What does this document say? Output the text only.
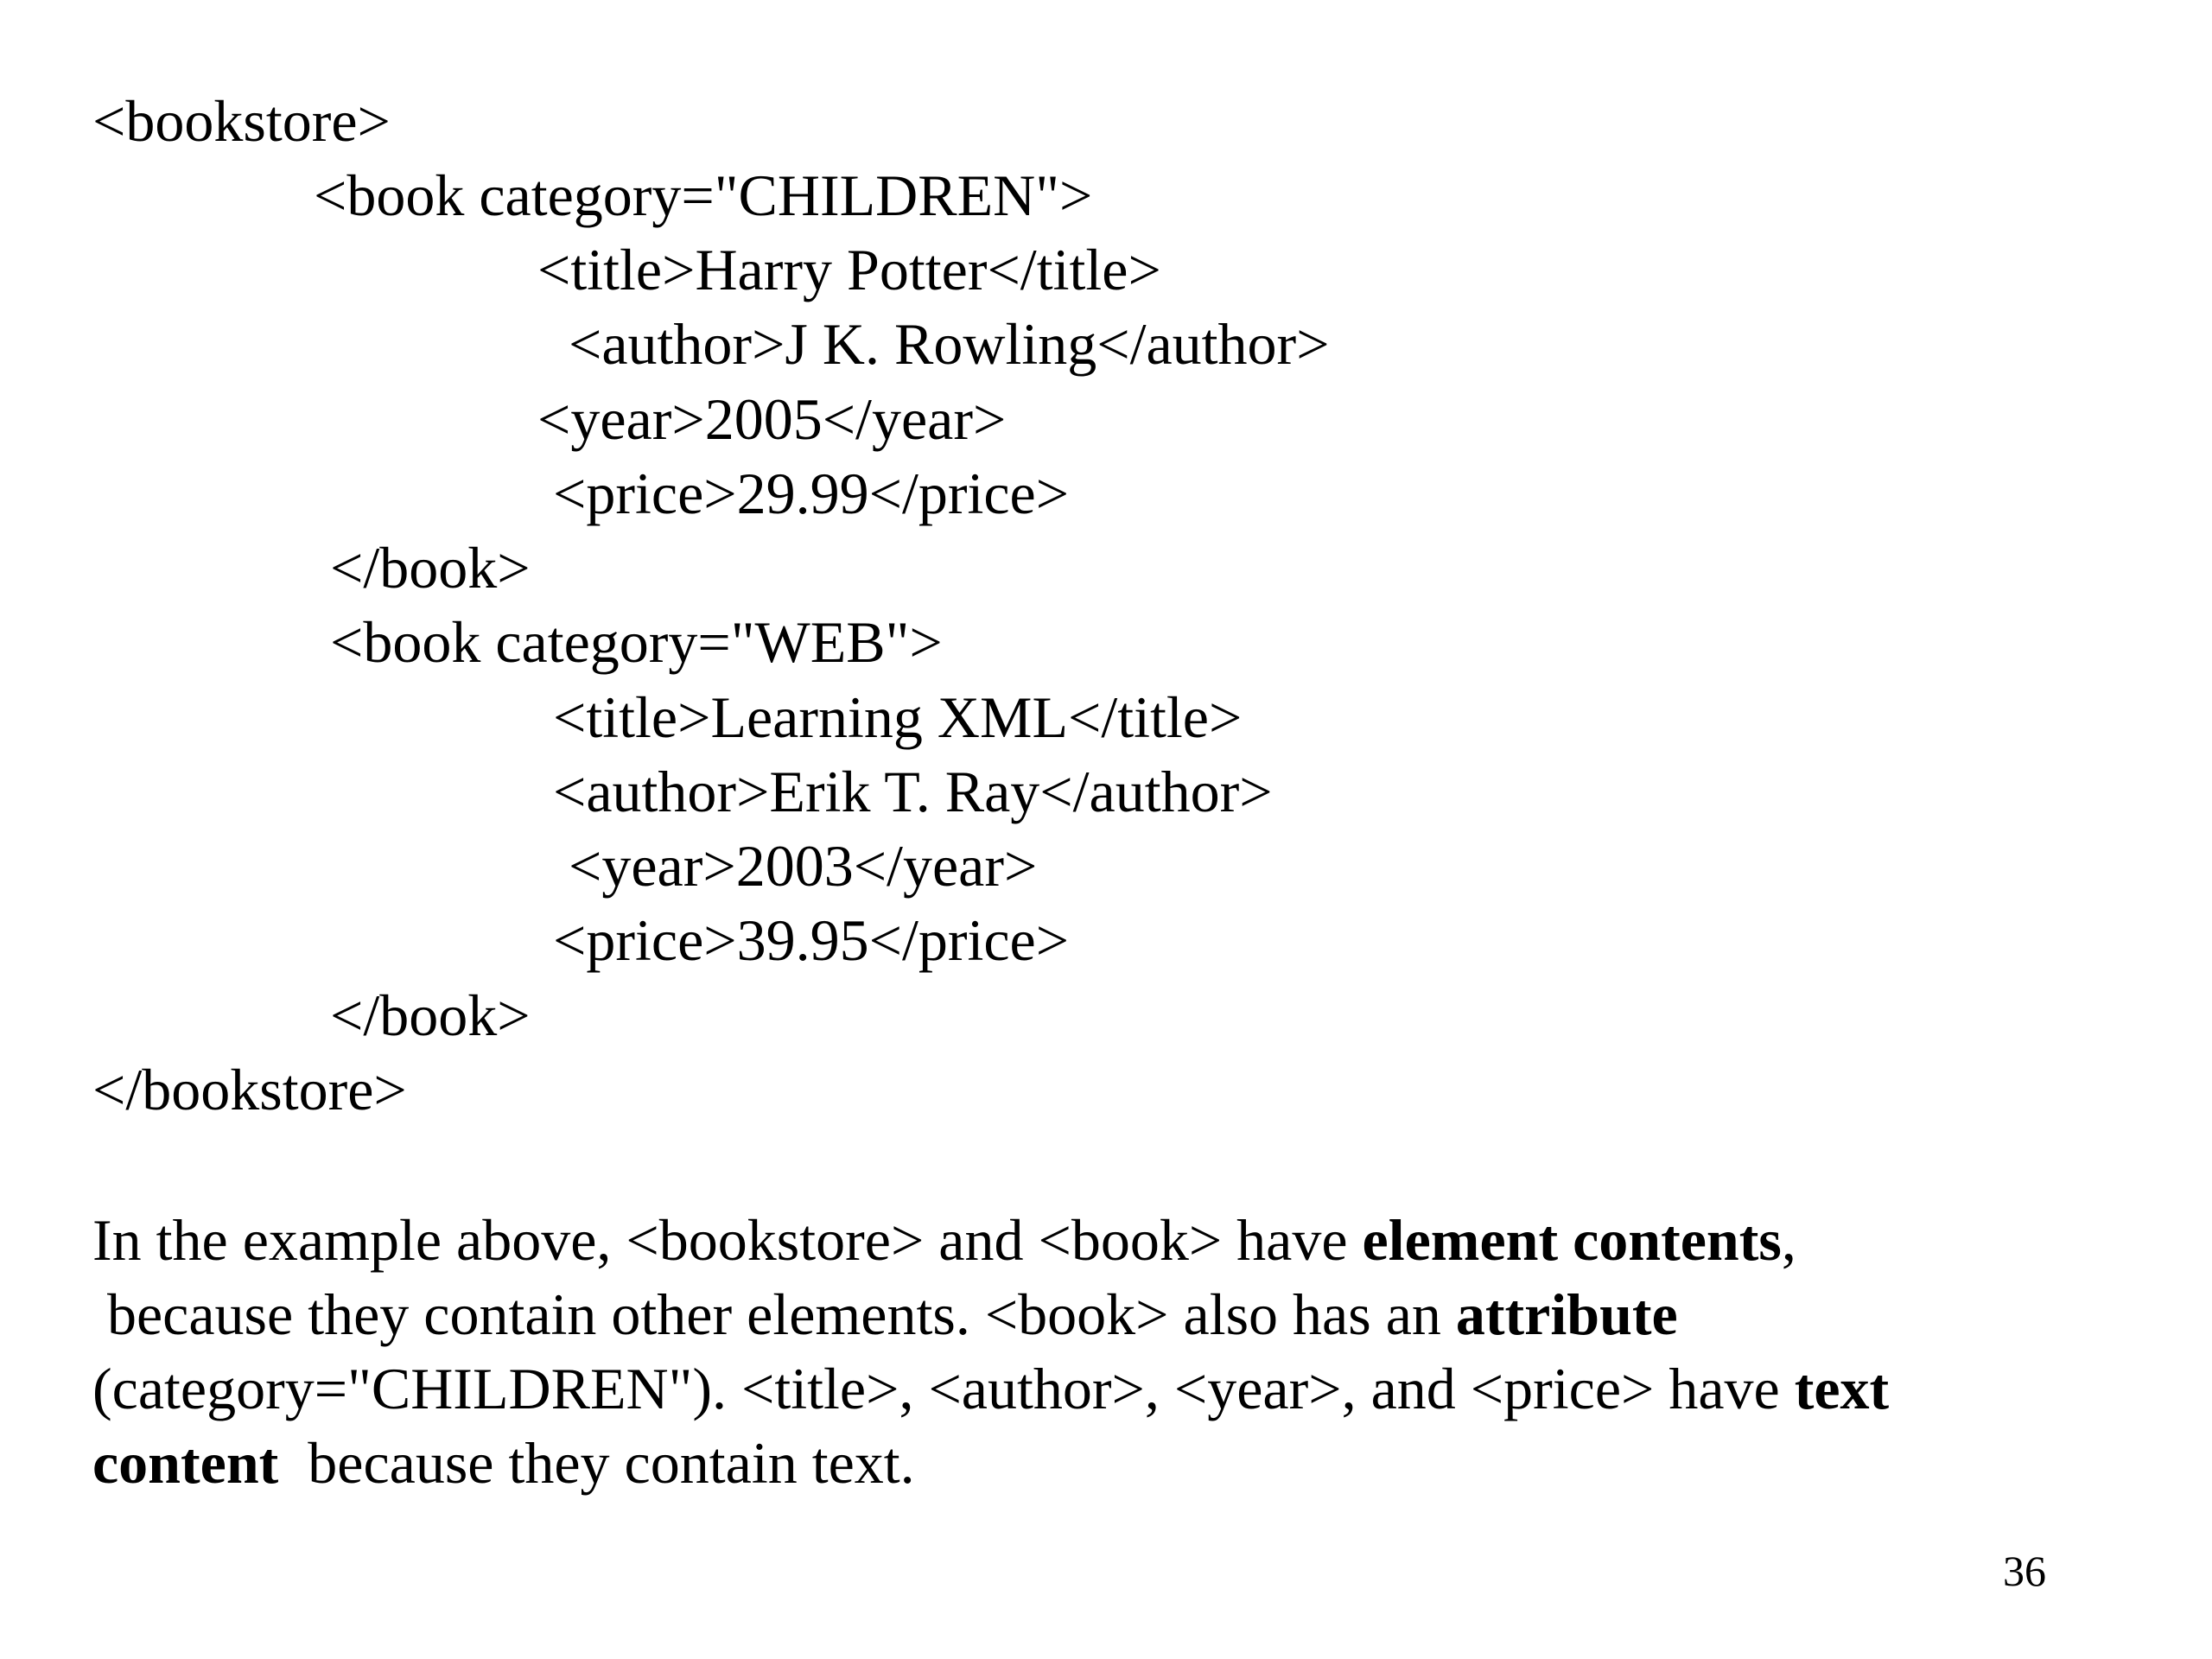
<bookstore>
<book category="CHILDREN">
<title>Harry Potter</title>
<author>J K. Rowling</author>
<year>2005</year>
<price>29.99</price>
</book>
<book category="WEB">
<title>Learning XML</title>
<author>Erik T. Ray</author>
<year>2003</year>
<price>39.95</price>
</book>
</bookstore>
In the example above, <bookstore> and <book> have element contents,
because they contain other elements. <book> also has an attribute
(category="CHILDREN"). <title>, <author>, <year>, and <price> have text
content  because they contain text.
36
